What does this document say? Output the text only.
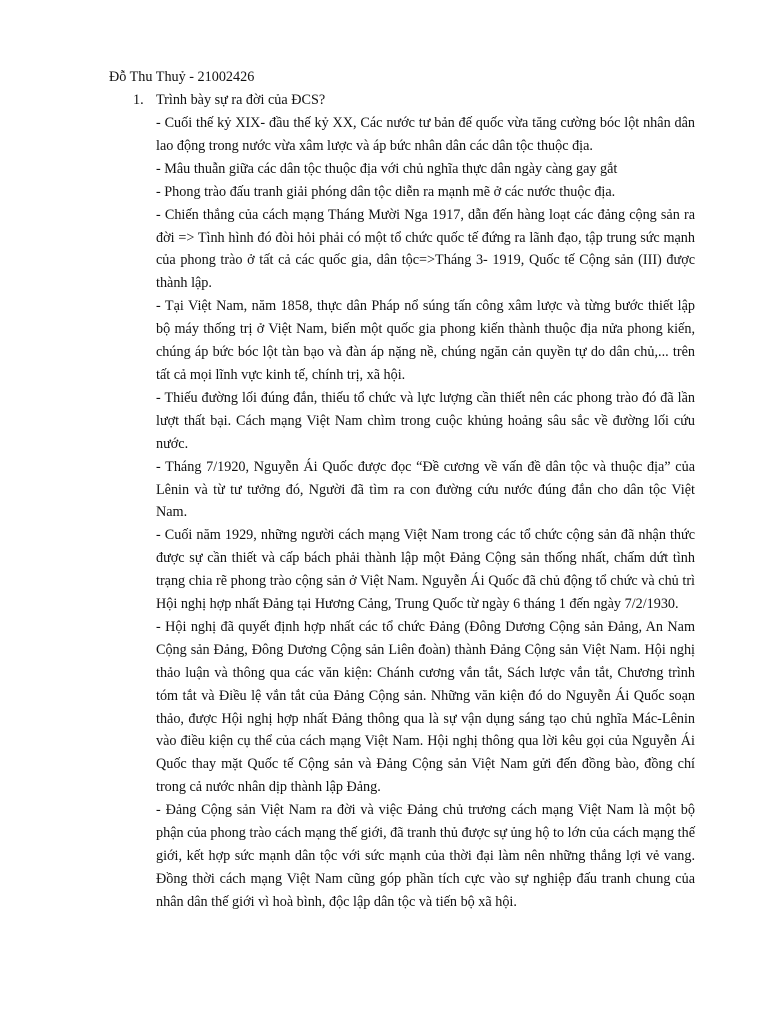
Đỗ Thu Thuỷ - 21002426

1. Trình bày sự ra đời của ĐCS?

- Cuối thế kỷ XIX- đầu thế kỷ XX, Các nước tư bản đế quốc vừa tăng cường bóc lột nhân dân lao động trong nước vừa xâm lược và áp bức nhân dân các dân tộc thuộc địa.
- Mâu thuẫn giữa các dân tộc thuộc địa với chủ nghĩa thực dân ngày càng gay gắt
- Phong trào đấu tranh giải phóng dân tộc diễn ra mạnh mẽ ở các nước thuộc địa.
- Chiến thắng của cách mạng Tháng Mười Nga 1917, dẫn đến hàng loạt các đảng cộng sản ra đời => Tình hình đó đòi hỏi phải có một tổ chức quốc tế đứng ra lãnh đạo, tập trung sức mạnh của phong trào ở tất cả các quốc gia, dân tộc=>Tháng 3- 1919, Quốc tế Cộng sản (III) được thành lập.
- Tại Việt Nam, năm 1858, thực dân Pháp nổ súng tấn công xâm lược và từng bước thiết lập bộ máy thống trị ở Việt Nam, biến một quốc gia phong kiến thành thuộc địa nửa phong kiến, chúng áp bức bóc lột tàn bạo và đàn áp nặng nề, chúng ngăn cản quyền tự do dân chủ,... trên tất cả mọi lĩnh vực kinh tế, chính trị, xã hội.
- Thiếu đường lối đúng đắn, thiếu tổ chức và lực lượng cần thiết nên các phong trào đó đã lần lượt thất bại. Cách mạng Việt Nam chìm trong cuộc khủng hoảng sâu sắc về đường lối cứu nước.
- Tháng 7/1920, Nguyễn Ái Quốc được đọc “Đề cương về vấn đề dân tộc và thuộc địa” của Lênin và từ tư tưởng đó, Người đã tìm ra con đường cứu nước đúng đắn cho dân tộc Việt Nam.
- Cuối năm 1929, những người cách mạng Việt Nam trong các tổ chức cộng sản đã nhận thức được sự cần thiết và cấp bách phải thành lập một Đảng Cộng sản thống nhất, chấm dứt tình trạng chia rẽ phong trào cộng sản ở Việt Nam. Nguyễn Ái Quốc đã chủ động tổ chức và chủ trì Hội nghị hợp nhất Đảng tại Hương Cảng, Trung Quốc từ ngày 6 tháng 1 đến ngày 7/2/1930.
- Hội nghị đã quyết định hợp nhất các tổ chức Đảng (Đông Dương Cộng sản Đảng, An Nam Cộng sản Đảng, Đông Dương Cộng sản Liên đoàn) thành Đảng Cộng sản Việt Nam. Hội nghị thảo luận và thông qua các văn kiện: Chánh cương vắn tắt, Sách lược vắn tắt, Chương trình tóm tắt và Điều lệ vắn tắt của Đảng Cộng sản. Những văn kiện đó do Nguyễn Ái Quốc soạn thảo, được Hội nghị hợp nhất Đảng thông qua là sự vận dụng sáng tạo chủ nghĩa Mác-Lênin vào điều kiện cụ thể của cách mạng Việt Nam. Hội nghị thông qua lời kêu gọi của Nguyễn Ái Quốc thay mặt Quốc tế Cộng sản và Đảng Cộng sản Việt Nam gửi đến đồng bào, đồng chí trong cả nước nhân dịp thành lập Đảng.
- Đảng Cộng sản Việt Nam ra đời và việc Đảng chủ trương cách mạng Việt Nam là một bộ phận của phong trào cách mạng thế giới, đã tranh thủ được sự ủng hộ to lớn của cách mạng thế giới, kết hợp sức mạnh dân tộc với sức mạnh của thời đại làm nên những thắng lợi vẻ vang. Đồng thời cách mạng Việt Nam cũng góp phần tích cực vào sự nghiệp đấu tranh chung của nhân dân thế giới vì hoà bình, độc lập dân tộc và tiến bộ xã hội.
